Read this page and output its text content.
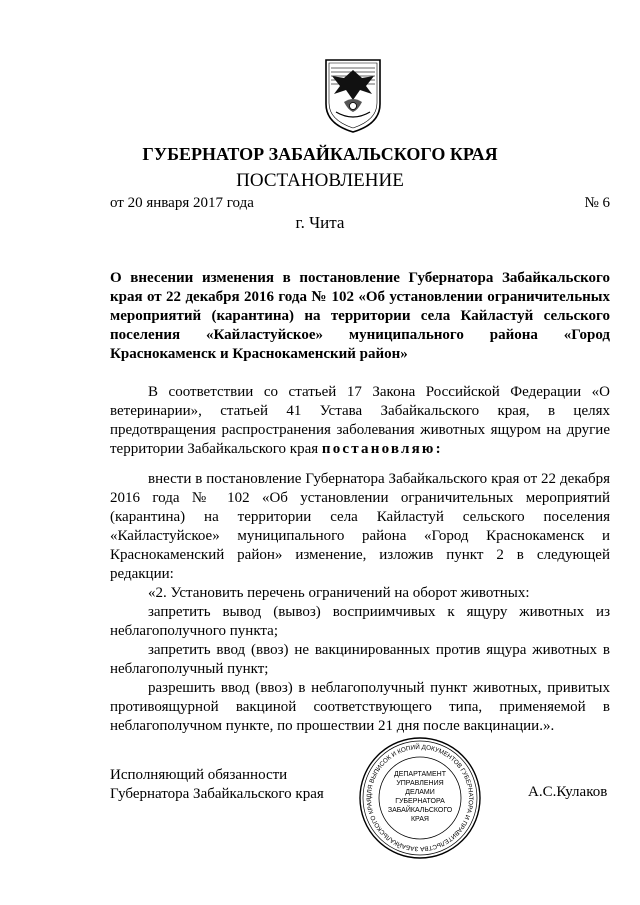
ГУБЕРНАТОР ЗАБАЙКАЛЬСКОГО КРАЯ
ПОСТАНОВЛЕНИЕ
от 20 января 2017 года	№ 6
г. Чита
О внесении изменения в постановление Губернатора Забайкальского края от 22 декабря 2016 года № 102 «Об установлении ограничительных мероприятий (карантина) на территории села Кайластуй сельского поселения «Кайластуйское» муниципального района «Город
Краснокаменск и Краснокаменский район»
В соответствии со статьей 17 Закона Российской Федерации «О ветеринарии», статьей 41 Устава Забайкальского края, в целях предотвращения распространения заболевания животных ящуром на другие территории Забайкальского края постановляю:
внести в постановление Губернатора Забайкальского края от 22 декабря 2016 года № 102 «Об установлении ограничительных мероприятий (карантина) на территории села Кайластуй сельского поселения «Кайластуйское» муниципального района «Город Краснокаменск и Краснокаменский район» изменение, изложив пункт 2 в следующей редакции:
«2. Установить перечень ограничений на оборот животных:
запретить вывод (вывоз) восприимчивых к ящуру животных из неблагополучного пункта;
запретить ввод (ввоз) не вакцинированных против ящура животных в неблагополучный пункт;
разрешить ввод (ввоз) в неблагополучный пункт животных, привитых противоящурной вакциной соответствующего типа, применяемой в неблагополучном пункте, по прошествии 21 дня после вакцинации.».
Исполняющий обязанности
Губернатора Забайкальского края	А.С.Кулаков
ДЛЯ ВЫПИСОК И КОПИЙ ДОКУМЕНТОВ ГУБЕРНАТОРА И ПРАВИТЕЛЬСТВА ЗАБАЙКАЛЬСКОГО КРАЯ
ДЕПАРТАМЕНТ
УПРАВЛЕНИЯ
ДЕЛАМИ
ГУБЕРНАТОРА
ЗАБАЙКАЛЬСКОГО
КРАЯ
